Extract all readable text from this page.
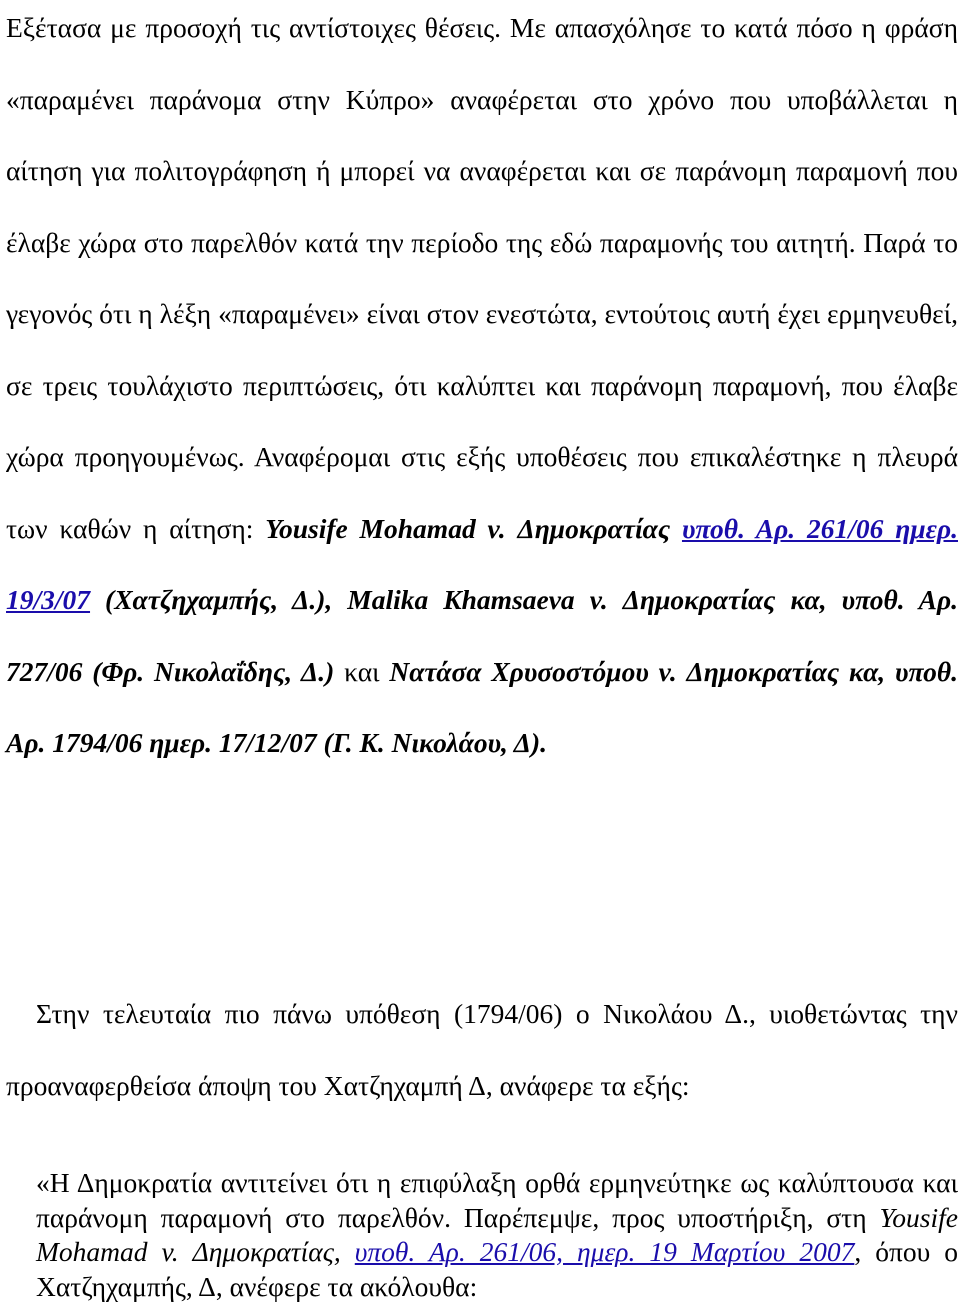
Εξέτασα με προσοχή τις αντίστοιχες θέσεις. Με απασχόλησε το κατά πόσο η φράση «παραμένει παράνομα στην Κύπρο» αναφέρεται στο χρόνο που υποβάλλεται η αίτηση για πολιτογράφηση ή μπορεί να αναφέρεται και σε παράνομη παραμονή που έλαβε χώρα στο παρελθόν κατά την περίοδο της εδώ παραμονής του αιτητή. Παρά το γεγονός ότι η λέξη «παραμένει» είναι στον ενεστώτα, εντούτοις αυτή έχει ερμηνευθεί, σε τρεις τουλάχιστο περιπτώσεις, ότι καλύπτει και παράνομη παραμονή, που έλαβε χώρα προηγουμένως. Αναφέρομαι στις εξής υποθέσεις που επικαλέστηκε η πλευρά των καθών η αίτηση: Yousife Mohamad v. Δημοκρατίας υποθ. Αρ. 261/06 ημερ. 19/3/07 (Χατζηχαμπής, Δ.), Malika Khamsaeva v. Δημοκρατίας κα, υποθ. Αρ. 727/06 (Φρ. Νικολαΐδης, Δ.) και Νατάσα Χρυσοστόμου v. Δημοκρατίας κα, υποθ. Αρ. 1794/06 ημερ. 17/12/07 (Γ. Κ. Νικολάου, Δ).

Στην τελευταία πιο πάνω υπόθεση (1794/06) ο Νικολάου Δ., υιοθετώντας την προαναφερθείσα άποψη του Χατζηχαμπή Δ, ανάφερε τα εξής:

«Η Δημοκρατία αντιτείνει ότι η επιφύλαξη ορθά ερμηνεύτηκε ως καλύπτουσα και παράνομη παραμονή στο παρελθόν. Παρέπεμψε, προς υποστήριξη, στη Yousife Mohamad v. Δημοκρατίας, υποθ. Αρ. 261/06, ημερ. 19 Μαρτίου 2007, όπου ο Χατζηχαμπής, Δ, ανέφερε τα ακόλουθα:
